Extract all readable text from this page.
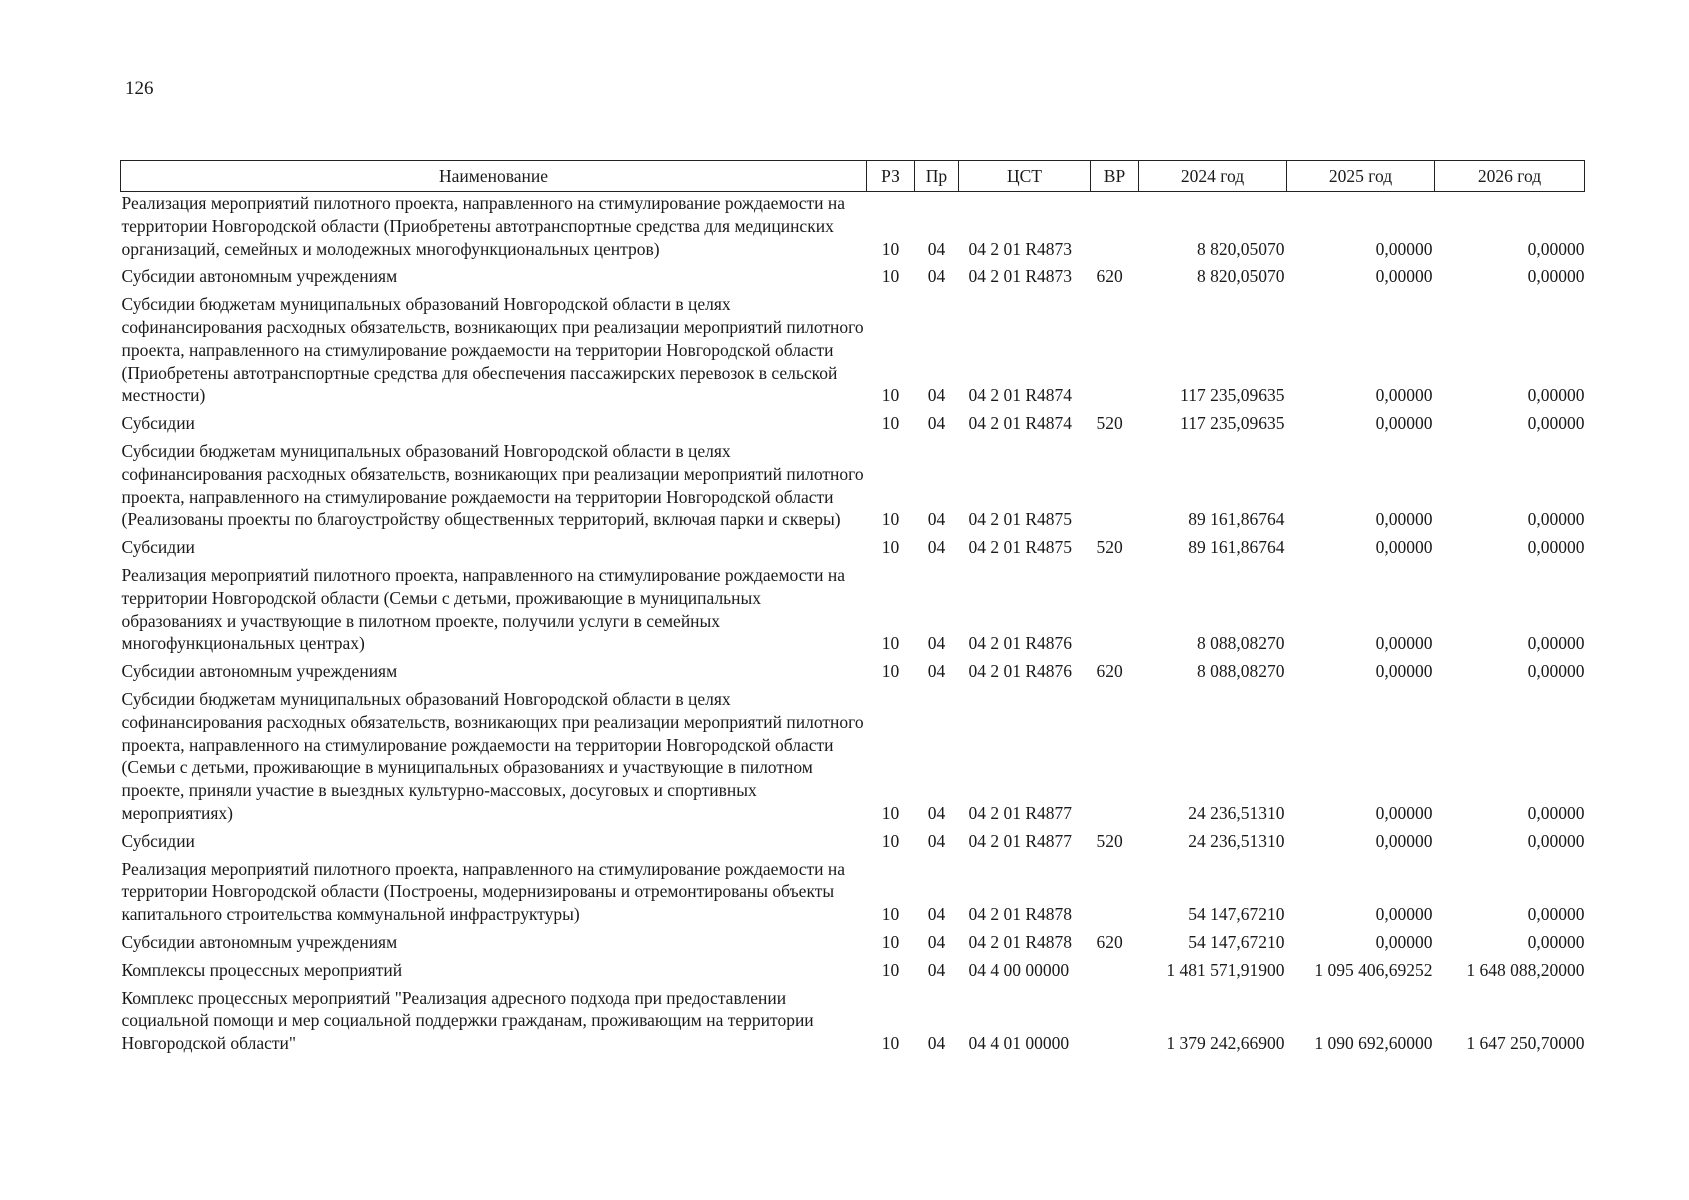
126
Наименование	РЗ	Пр	ЦСТ	ВР	2024 год	2025 год	2026 год
Реализация мероприятий пилотного проекта, направленного на стимулирование рождаемости на территории Новгородской области (Приобретены автотранспортные средства для медицинских организаций, семейных и молодежных многофункциональных центров)	10	04	04 2 01 R4873		8 820,05070	0,00000	0,00000
Субсидии автономным учреждениям	10	04	04 2 01 R4873	620	8 820,05070	0,00000	0,00000
Субсидии бюджетам муниципальных образований Новгородской области в целях софинансирования расходных обязательств, возникающих при реализации мероприятий пилотного проекта, направленного на стимулирование рождаемости на территории Новгородской области (Приобретены автотранспортные средства для обеспечения пассажирских перевозок в сельской местности)	10	04	04 2 01 R4874		117 235,09635	0,00000	0,00000
Субсидии	10	04	04 2 01 R4874	520	117 235,09635	0,00000	0,00000
Субсидии бюджетам муниципальных образований Новгородской области в целях софинансирования расходных обязательств, возникающих при реализации мероприятий пилотного проекта, направленного на стимулирование рождаемости на территории Новгородской области (Реализованы проекты по благоустройству общественных территорий, включая парки и скверы)	10	04	04 2 01 R4875		89 161,86764	0,00000	0,00000
Субсидии	10	04	04 2 01 R4875	520	89 161,86764	0,00000	0,00000
Реализация мероприятий пилотного проекта, направленного на стимулирование рождаемости на территории Новгородской области (Семьи с детьми, проживающие в муниципальных образованиях и участвующие в пилотном проекте, получили услуги в семейных многофункциональных центрах)	10	04	04 2 01 R4876		8 088,08270	0,00000	0,00000
Субсидии автономным учреждениям	10	04	04 2 01 R4876	620	8 088,08270	0,00000	0,00000
Субсидии бюджетам муниципальных образований Новгородской области в целях софинансирования расходных обязательств, возникающих при реализации мероприятий пилотного проекта, направленного на стимулирование рождаемости на территории Новгородской области (Семьи с детьми, проживающие в муниципальных образованиях и участвующие в пилотном проекте, приняли участие в выездных культурно-массовых, досуговых и спортивных мероприятиях)	10	04	04 2 01 R4877		24 236,51310	0,00000	0,00000
Субсидии	10	04	04 2 01 R4877	520	24 236,51310	0,00000	0,00000
Реализация мероприятий пилотного проекта, направленного на стимулирование рождаемости на территории Новгородской области (Построены, модернизированы и отремонтированы объекты капитального строительства коммунальной инфраструктуры)	10	04	04 2 01 R4878		54 147,67210	0,00000	0,00000
Субсидии автономным учреждениям	10	04	04 2 01 R4878	620	54 147,67210	0,00000	0,00000
Комплексы процессных мероприятий	10	04	04 4 00 00000		1 481 571,91900	1 095 406,69252	1 648 088,20000
Комплекс процессных мероприятий "Реализация адресного подхода при предоставлении социальной помощи и мер социальной поддержки гражданам, проживающим на территории Новгородской области"	10	04	04 4 01 00000		1 379 242,66900	1 090 692,60000	1 647 250,70000
